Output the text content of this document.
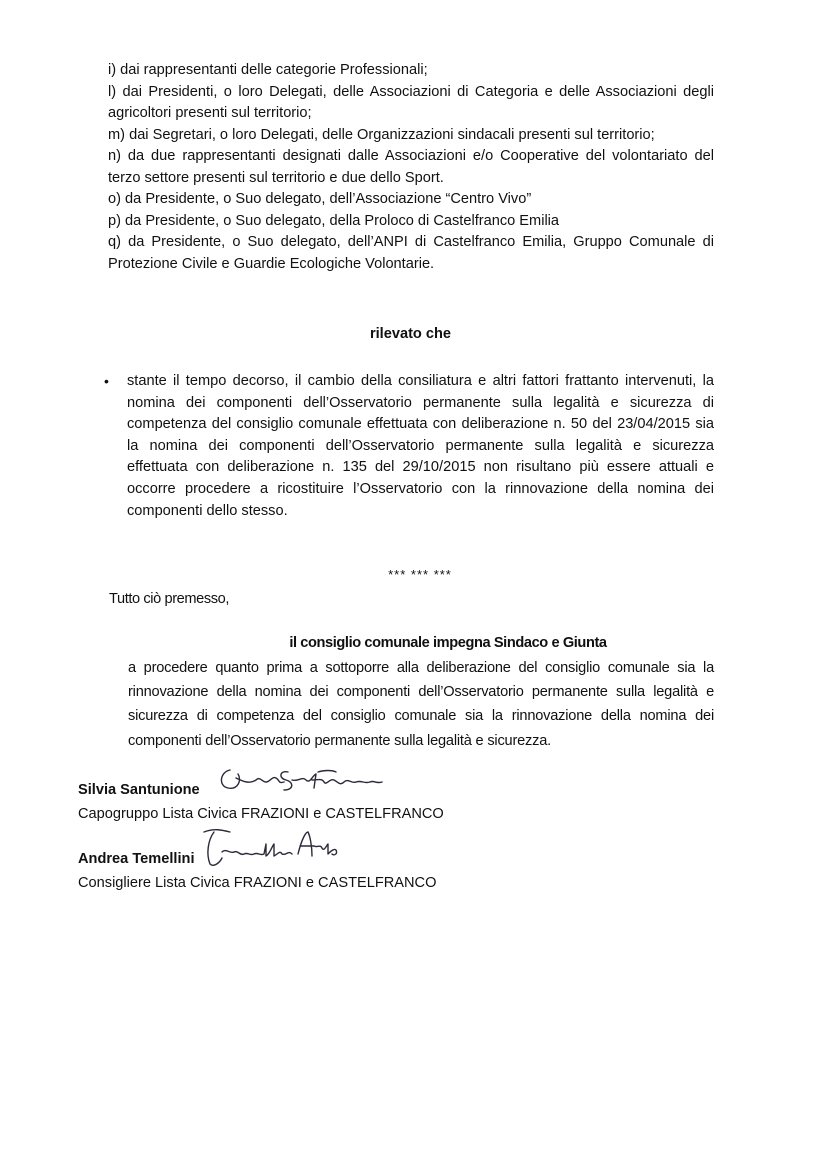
i) dai rappresentanti delle categorie Professionali;

l) dai Presidenti, o loro Delegati, delle Associazioni di Categoria e delle Associazioni degli agricoltori presenti sul territorio;

m) dai Segretari, o loro Delegati, delle Organizzazioni sindacali presenti sul territorio;

n) da due rappresentanti designati dalle Associazioni e/o Cooperative del volontariato del terzo settore presenti sul territorio e due dello Sport.

o) da Presidente, o Suo delegato, dell’Associazione “Centro Vivo”

p) da Presidente, o Suo delegato, della Proloco di Castelfranco Emilia

q) da Presidente, o Suo delegato, dell’ANPI di Castelfranco Emilia, Gruppo Comunale di Protezione Civile e Guardie Ecologiche Volontarie.

rilevato che
• stante il tempo decorso, il cambio della consiliatura e altri fattori frattanto intervenuti, la nomina dei componenti dell’Osservatorio permanente sulla legalità e sicurezza di competenza del consiglio comunale effettuata con deliberazione n. 50 del 23/04/2015 sia la nomina dei componenti dell’Osservatorio permanente sulla legalità e sicurezza effettuata con deliberazione n. 135 del 29/10/2015 non risultano più essere attuali e occorre procedere a ricostituire l’Osservatorio con la rinnovazione della nomina dei componenti dello stesso.
*** *** ***
Tutto ciò premesso,
il consiglio comunale impegna Sindaco e Giunta
a procedere quanto prima a sottoporre alla deliberazione del consiglio comunale sia la rinnovazione della nomina dei componenti dell’Osservatorio permanente sulla legalità e sicurezza di competenza del consiglio comunale sia la rinnovazione della nomina dei componenti dell’Osservatorio permanente sulla legalità e sicurezza.
Silvia Santunione
Capogruppo Lista Civica FRAZIONI e CASTELFRANCO
Andrea Temellini
Consigliere Lista Civica FRAZIONI e CASTELFRANCO
